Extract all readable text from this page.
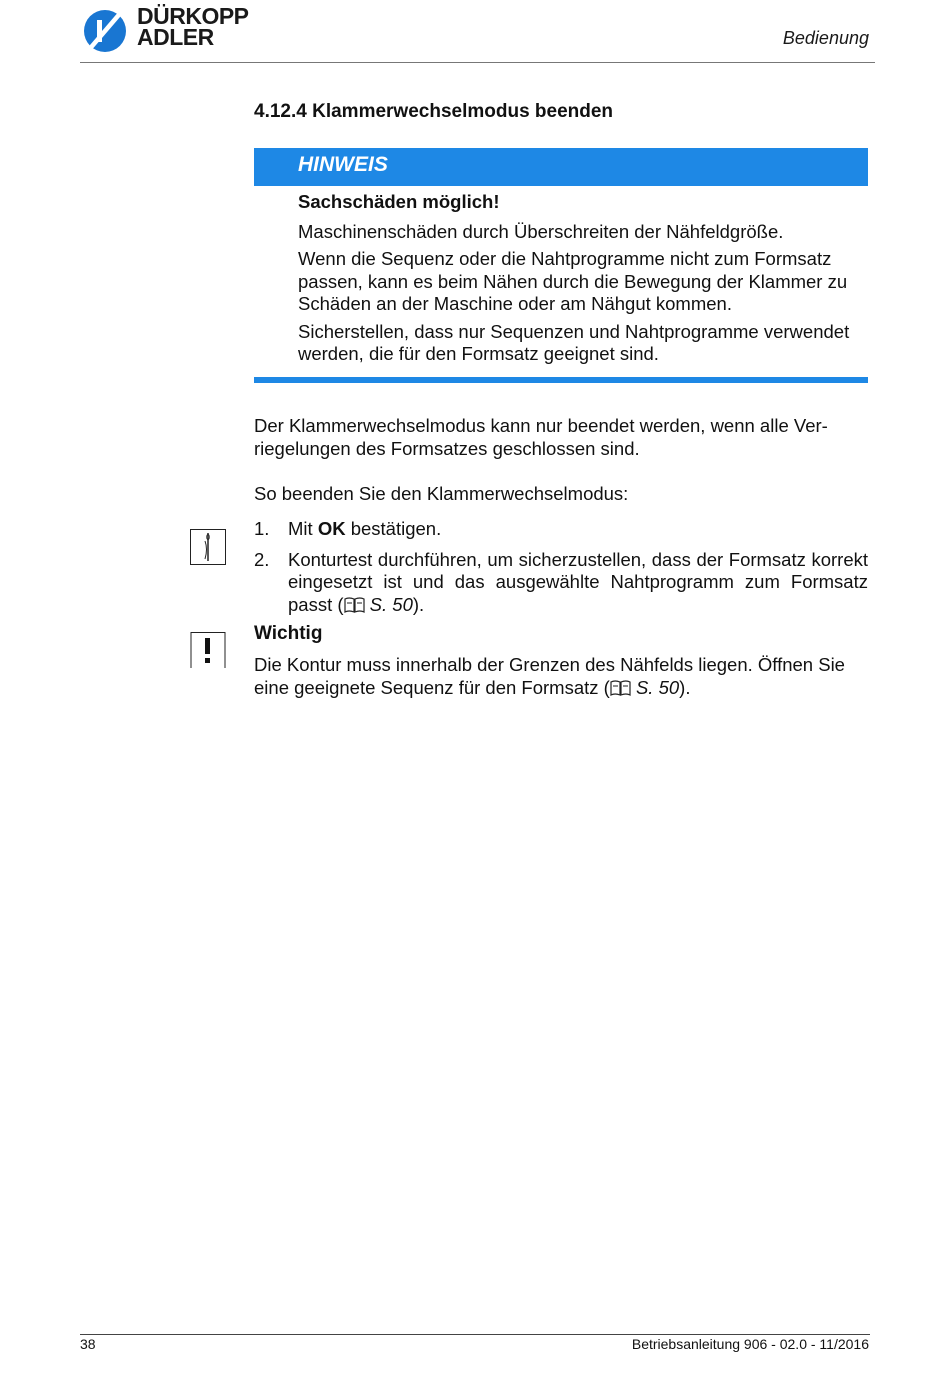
DÜRKOPP
ADLER	Bedienung
4.12.4 Klammerwechselmodus beenden
HINWEIS

Sachschäden möglich!

Maschinenschäden durch Überschreiten der Nähfeldgröße.

Wenn die Sequenz oder die Nahtprogramme nicht zum Formsatz passen, kann es beim Nähen durch die Bewegung der Klammer zu Schäden an der Maschine oder am Nähgut kommen.

Sicherstellen, dass nur Sequenzen und Nahtprogramme verwendet werden, die für den Formsatz geeignet sind.

Der Klammerwechselmodus kann nur beendet werden, wenn alle Ver-riegelungen des Formsatzes geschlossen sind.

So beenden Sie den Klammerwechselmodus:

1. Mit OK bestätigen.
2. Konturtest durchführen, um sicherzustellen, dass der Formsatz korrekt eingesetzt ist und das ausgewählte Nahtprogramm zum Formsatz passt ( S. 50).
Wichtig

Die Kontur muss innerhalb der Grenzen des Nähfelds liegen. Öffnen Sie eine geeignete Sequenz für den Formsatz ( S. 50).

38	Betriebsanleitung 906 - 02.0 - 11/2016
